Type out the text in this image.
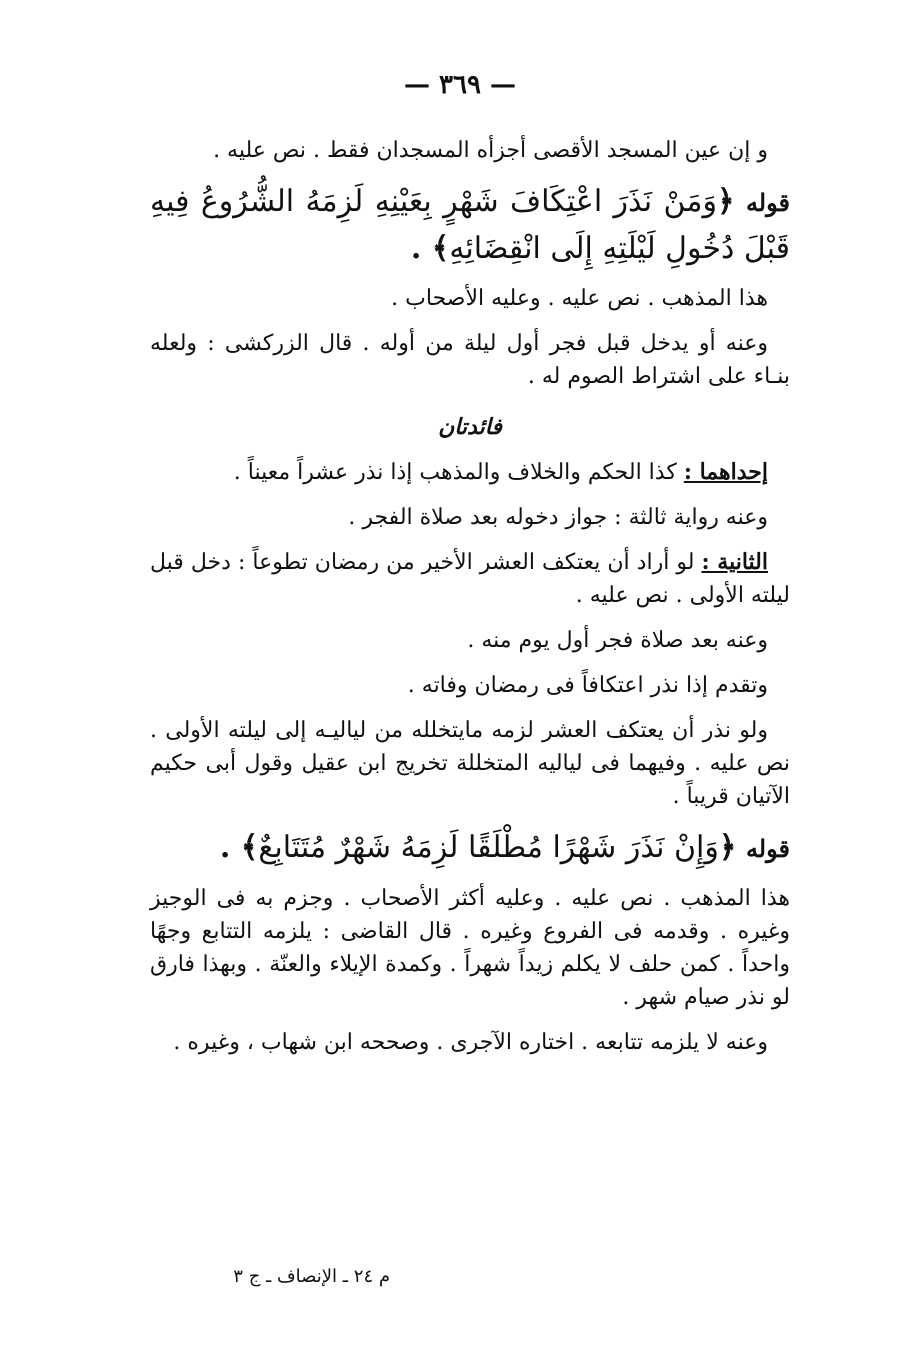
— ٣٦٩ —

و إن عين المسجد الأقصى أجزأه المسجدان فقط . نص عليه .

قوله ﴿وَمَنْ نَذَرَ اعْتِكَافَ شَهْرٍ بِعَيْنِهِ لَزِمَهُ الشُّرُوعُ فِيهِ قَبْلَ دُخُولِ لَيْلَتِهِ إِلَى انْقِضَائِهِ﴾ .

هذا المذهب . نص عليه . وعليه الأصحاب .

وعنه أو يدخل قبل فجر أول ليلة من أوله . قال الزركشى : ولعله بنـاء على اشتراط الصوم له .

فائدتان

إحداهما : كذا الحكم والخلاف والمذهب إذا نذر عشراً معيناً .

وعنه رواية ثالثة : جواز دخوله بعد صلاة الفجر .

الثانية : لو أراد أن يعتكف العشر الأخير من رمضان تطوعاً : دخل قبل ليلته الأولى . نص عليه .

وعنه بعد صلاة فجر أول يوم منه .

وتقدم إذا نذر اعتكافاً فى رمضان وفاته .

ولو نذر أن يعتكف العشر لزمه مايتخلله من لياليـه إلى ليلته الأولى . نص عليه . وفيهما فى لياليه المتخللة تخريج ابن عقيل وقول أبى حكيم الآتيان قريباً .

قوله ﴿وَإِنْ نَذَرَ شَهْرًا مُطْلَقًا لَزِمَهُ شَهْرٌ مُتَتَابِعٌ﴾ .

هذا المذهب . نص عليه . وعليه أكثر الأصحاب . وجزم به فى الوجيز وغيره . وقدمه فى الفروع وغيره . قال القاضى : يلزمه التتابع وجهًا واحداً . كمن حلف لا يكلم زيداً شهراً . وكمدة الإيلاء والعنّة . وبهذا فارق لو نذر صيام شهر .

وعنه لا يلزمه تتابعه . اختاره الآجرى . وصححه ابن شهاب ، وغيره .

م ٢٤ ـ الإنصاف ـ ج ٣
